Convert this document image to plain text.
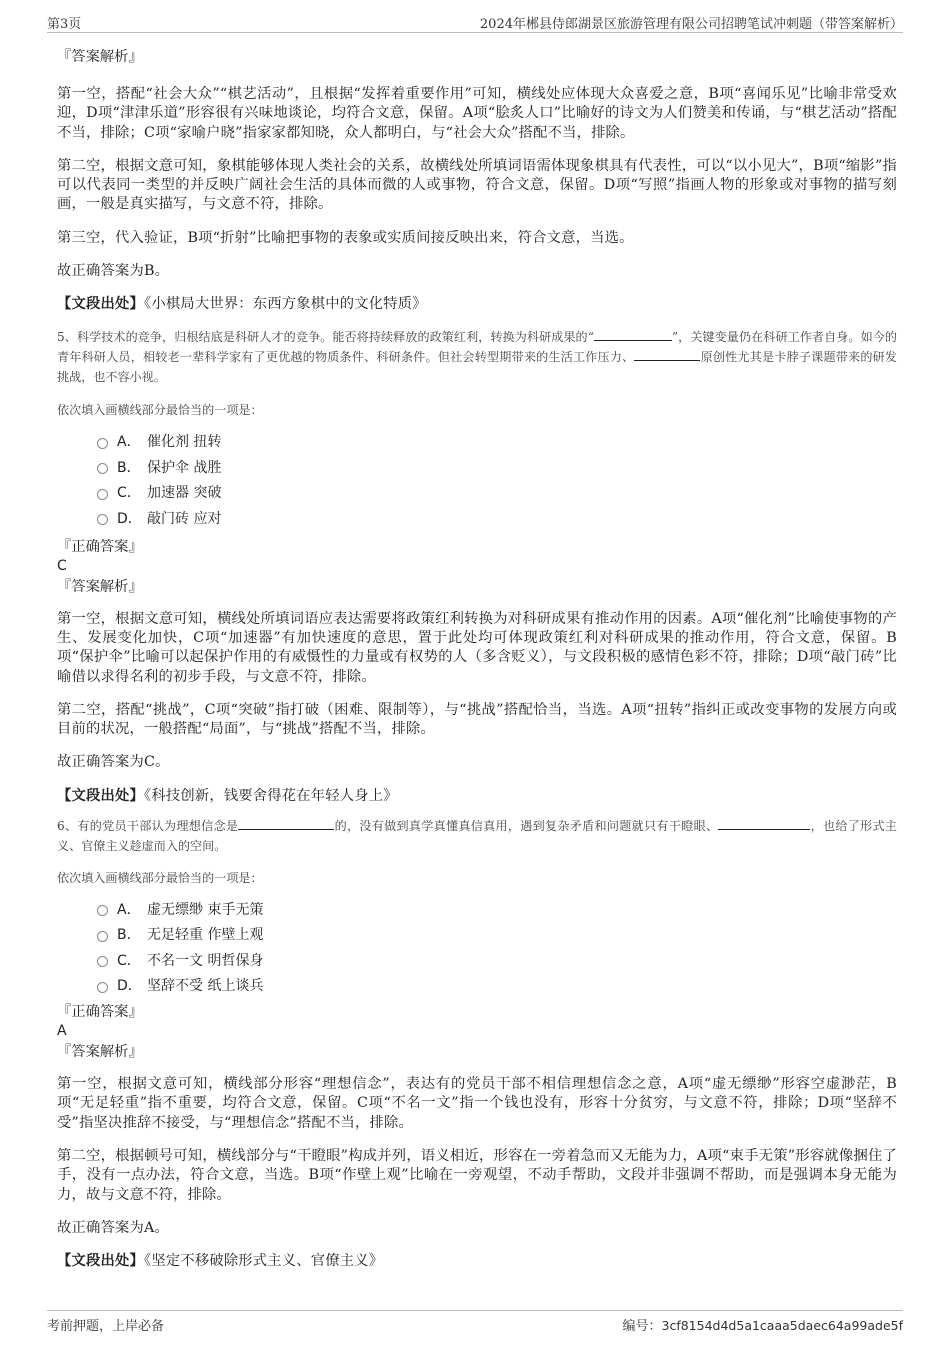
第3页	2024年郴县侍郎湖景区旅游管理有限公司招聘笔试冲刺题（带答案解析）

『答案解析』

第一空，搭配“社会大众”“棋艺活动”，且根据“发挥着重要作用”可知，横线处应体现大众喜爱之意，B项“喜闻乐见”比喻非常受欢迎，D项“津津乐道”形容很有兴味地谈论，均符合文意，保留。A项“脍炙人口”比喻好的诗文为人们赞美和传诵，与“棋艺活动”搭配不当，排除；C项“家喻户晓”指家家都知晓，众人都明白，与“社会大众”搭配不当，排除。

第二空，根据文意可知，象棋能够体现人类社会的关系，故横线处所填词语需体现象棋具有代表性，可以“以小见大”，B项“缩影”指可以代表同一类型的并反映广阔社会生活的具体而微的人或事物，符合文意，保留。D项“写照”指画人物的形象或对事物的描写刻画，一般是真实描写，与文意不符，排除。

第三空，代入验证，B项“折射”比喻把事物的表象或实质间接反映出来，符合文意，当选。

故正确答案为B。

【文段出处】《小棋局大世界：东西方象棋中的文化特质》

5、科学技术的竞争，归根结底是科研人才的竞争。能否将持续释放的政策红利，转换为科研成果的“	”，关键变量仍在科研工作者自身。如今的青年科研人员，相较老一辈科学家有了更优越的物质条件、科研条件。但社会转型期带来的生活工作压力、	原创性尤其是卡脖子课题带来的研发挑战，也不容小视。

依次填入画横线部分最恰当的一项是：

A． 催化剂 扭转
B． 保护伞 战胜
C． 加速器 突破
D． 敲门砖 应对

『正确答案』

C

『答案解析』

第一空，根据文意可知，横线处所填词语应表达需要将政策红利转换为对科研成果有推动作用的因素。A项“催化剂”比喻使事物的产生、发展变化加快，C项“加速器”有加快速度的意思，置于此处均可体现政策红利对科研成果的推动作用，符合文意，保留。B项“保护伞”比喻可以起保护作用的有威慑性的力量或有权势的人（多含贬义），与文段积极的感情色彩不符，排除；D项“敲门砖”比喻借以求得名利的初步手段，与文意不符，排除。

第二空，搭配“挑战”，C项“突破”指打破（困难、限制等），与“挑战”搭配恰当，当选。A项“扭转”指纠正或改变事物的发展方向或目前的状况，一般搭配“局面”，与“挑战”搭配不当，排除。

故正确答案为C。

【文段出处】《科技创新，钱要舍得花在年轻人身上》

6、有的党员干部认为理想信念是	的，没有做到真学真懂真信真用，遇到复杂矛盾和问题就只有干瞪眼、	，也给了形式主义、官僚主义趁虚而入的空间。

依次填入画横线部分最恰当的一项是：

A． 虚无缥缈 束手无策
B． 无足轻重 作壁上观
C． 不名一文 明哲保身
D． 坚辞不受 纸上谈兵

『正确答案』

A

『答案解析』

第一空，根据文意可知，横线部分形容“理想信念”，表达有的党员干部不相信理想信念之意，A项“虚无缥缈”形容空虚渺茫，B项“无足轻重”指不重要，均符合文意，保留。C项“不名一文”指一个钱也没有，形容十分贫穷，与文意不符，排除；D项“坚辞不受”指坚决推辞不接受，与“理想信念”搭配不当，排除。

第二空，根据顿号可知，横线部分与“干瞪眼”构成并列，语义相近，形容在一旁着急而又无能为力，A项“束手无策”形容就像捆住了手，没有一点办法，符合文意，当选。B项“作壁上观”比喻在一旁观望，不动手帮助，文段并非强调不帮助，而是强调本身无能为力，故与文意不符，排除。

故正确答案为A。

【文段出处】《坚定不移破除形式主义、官僚主义》

考前押题，上岸必备	编号：3cf8154d4d5a1caaa5daec64a99ade5f
